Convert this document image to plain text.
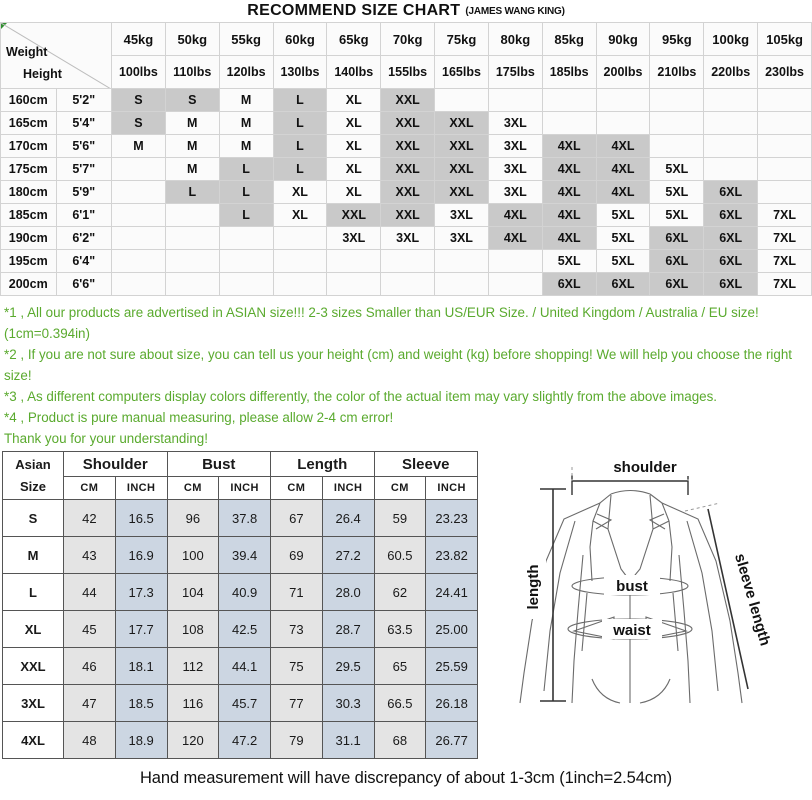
RECOMMEND SIZE CHART (JAMES WANG KING)
Weight
Height		45kg	50kg	55kg	60kg	65kg	70kg	75kg	80kg	85kg	90kg	95kg	100kg	105kg
		100lbs	110lbs	120lbs	130lbs	140lbs	155lbs	165lbs	175lbs	185lbs	200lbs	210lbs	220lbs	230lbs
160cm	5'2"	S	S	M	L	XL	XXL							
165cm	5'4"	S	M	M	L	XL	XXL	XXL	3XL					
170cm	5'6"	M	M	M	L	XL	XXL	XXL	3XL	4XL	4XL			
175cm	5'7"		M	L	L	XL	XXL	XXL	3XL	4XL	4XL	5XL		
180cm	5'9"		L	L	XL	XL	XXL	XXL	3XL	4XL	4XL	5XL	6XL	
185cm	6'1"			L	XL	XXL	XXL	3XL	4XL	4XL	5XL	5XL	6XL	7XL
190cm	6'2"					3XL	3XL	3XL	4XL	4XL	5XL	6XL	6XL	7XL
195cm	6'4"									5XL	5XL	6XL	6XL	7XL
200cm	6'6"									6XL	6XL	6XL	6XL	7XL

*1 , All our products are advertised in ASIAN size!!! 2-3 sizes Smaller than US/EUR Size. / United Kingdom / Australia / EU size! (1cm=0.394in)

*2 , If you are not sure about size, you can tell us your height (cm) and weight (kg) before shopping! We will help you choose the right size!

*3 , As different computers display colors differently, the color of the actual item may vary slightly from the above images.

*4 , Product is pure manual measuring, please allow 2-4 cm error!

Thank you for your understanding!

Asian
Size	Shoulder		Bust		Length		Sleeve	
	CM	INCH	CM	INCH	CM	INCH	CM	INCH
S	42	16.5	96	37.8	67	26.4	59	23.23
M	43	16.9	100	39.4	69	27.2	60.5	23.82
L	44	17.3	104	40.9	71	28.0	62	24.41
XL	45	17.7	108	42.5	73	28.7	63.5	25.00
XXL	46	18.1	112	44.1	75	29.5	65	25.59
3XL	47	18.5	116	45.7	77	30.3	66.5	26.18
4XL	48	18.9	120	47.2	79	31.1	68	26.77
shoulder
bust
waist
length	sleeve length
Hand measurement will have discrepancy of about 1-3cm (1inch=2.54cm)
